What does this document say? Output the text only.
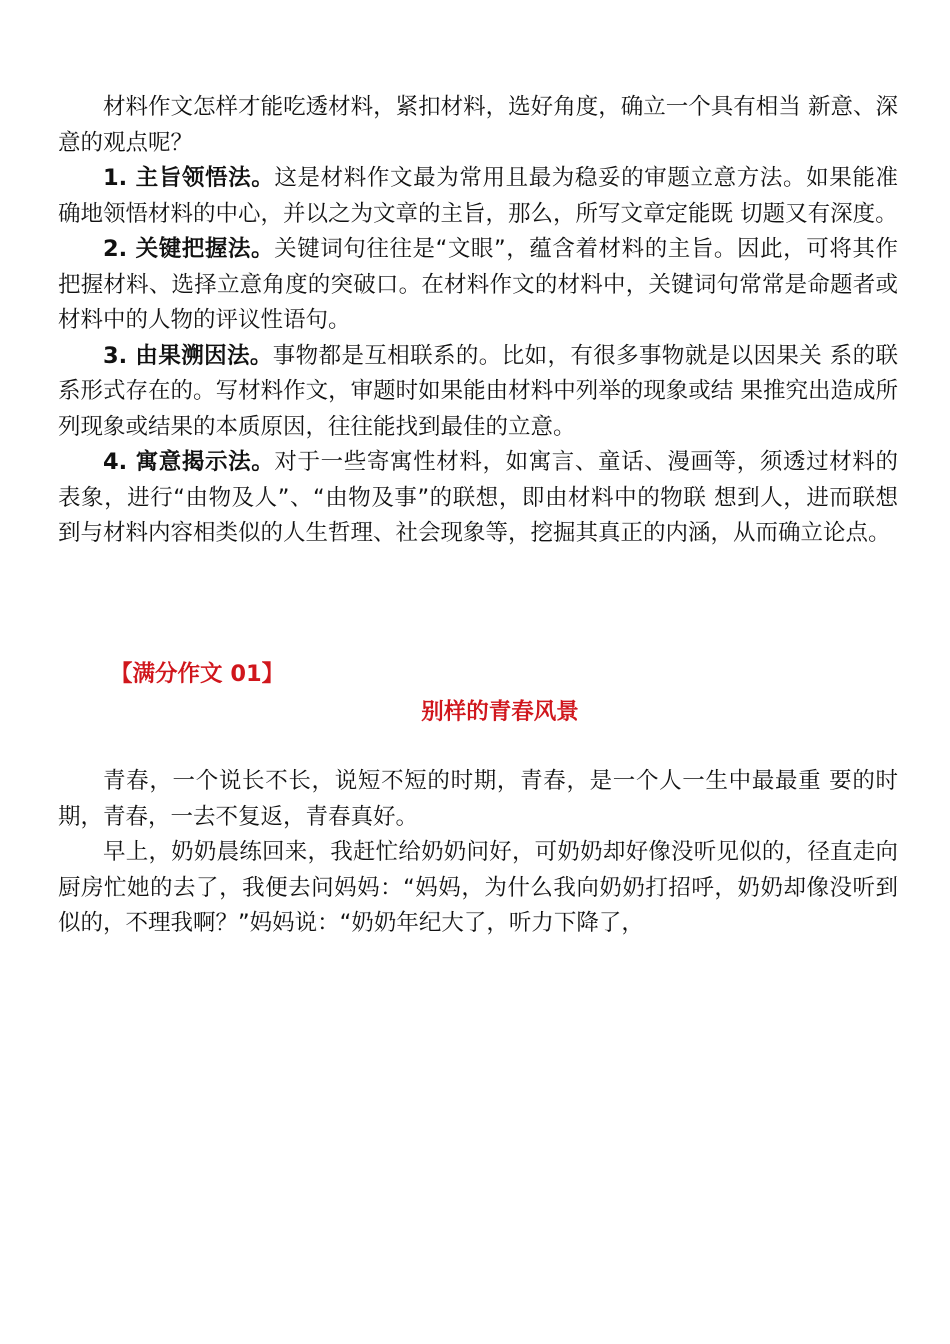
材料作文怎样才能吃透材料，紧扣材料，选好角度，确立一个具有相当 新意、深意的观点呢？

1. 主旨领悟法。这是材料作文最为常用且最为稳妥的审题立意方法。如果能准确地领悟材料的中心，并以之为文章的主旨，那么，所写文章定能既 切题又有深度。

2. 关键把握法。关键词句往往是“文眼”，蕴含着材料的主旨。因此，可将其作把握材料、选择立意角度的突破口。在材料作文的材料中，关键词句常常是命题者或材料中的人物的评议性语句。

3. 由果溯因法。事物都是互相联系的。比如，有很多事物就是以因果关 系的联系形式存在的。写材料作文，审题时如果能由材料中列举的现象或结 果推究出造成所列现象或结果的本质原因，往往能找到最佳的立意。

4. 寓意揭示法。对于一些寄寓性材料，如寓言、童话、漫画等，须透过材料的表象，进行“由物及人”、“由物及事”的联想，即由材料中的物联 想到人，进而联想到与材料内容相类似的人生哲理、社会现象等，挖掘其真正的内涵，从而确立论点。

【满分作文 01】

别样的青春风景

青春，一个说长不长，说短不短的时期，青春，是一个人一生中最最重 要的时期，青春，一去不复返，青春真好。

早上，奶奶晨练回来，我赶忙给奶奶问好，可奶奶却好像没听见似的，径直走向厨房忙她的去了，我便去问妈妈：“妈妈，为什么我向奶奶打招呼，奶奶却像没听到似的，不理我啊？”妈妈说：“奶奶年纪大了，听力下降了，
